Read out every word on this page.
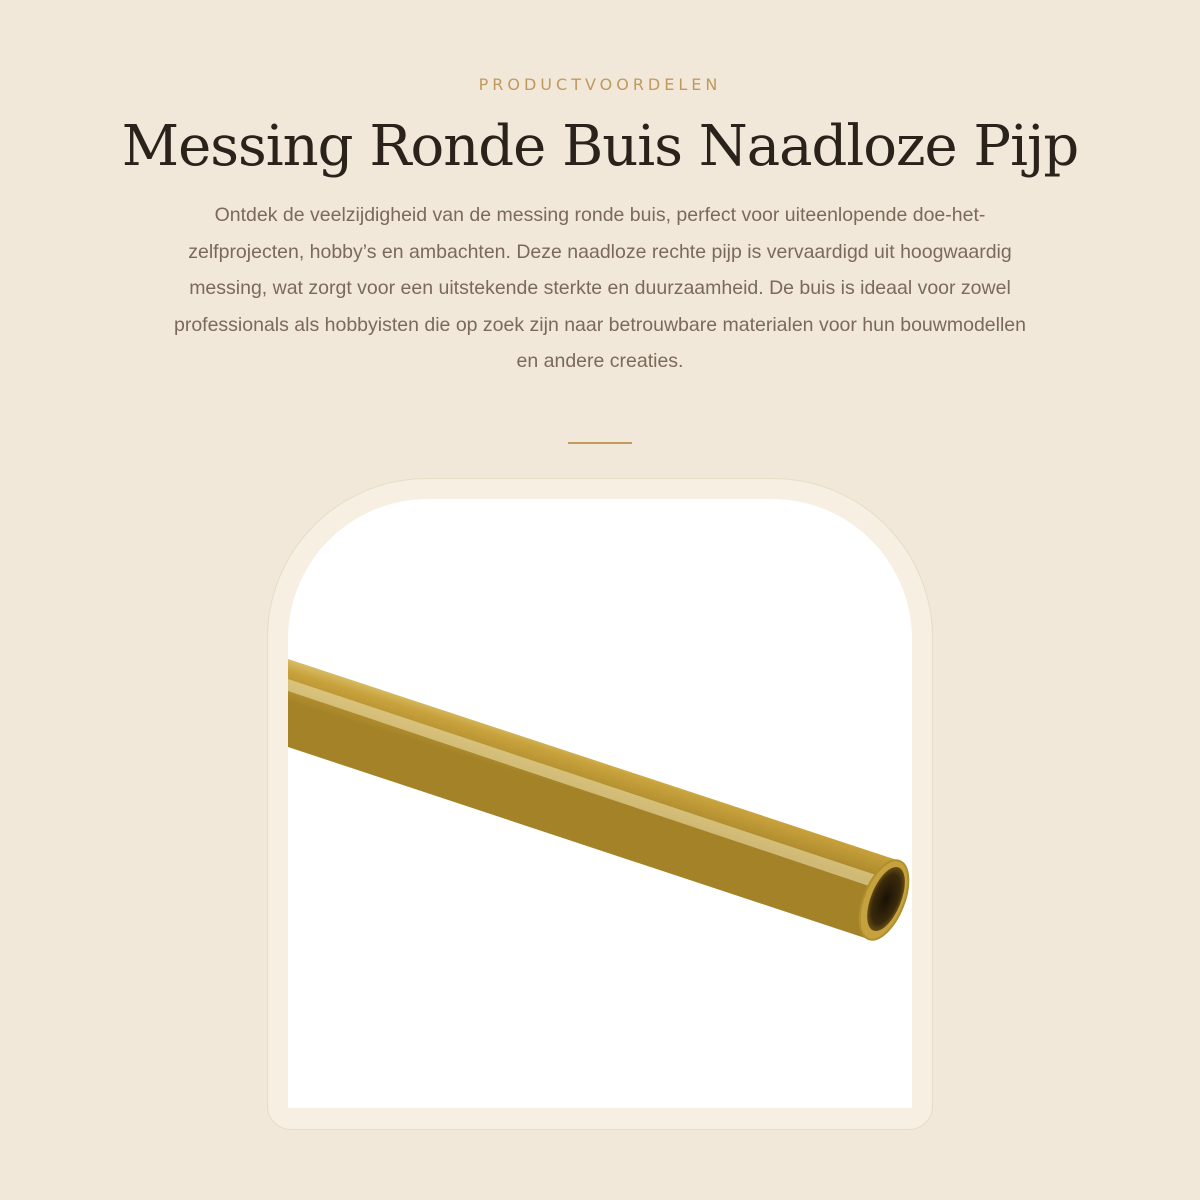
PRODUCTVOORDELEN

Messing Ronde Buis Naadloze Pijp

Ontdek de veelzijdigheid van de messing ronde buis, perfect voor uiteenlopende doe-het-zelfprojecten, hobby’s en ambachten. Deze naadloze rechte pijp is vervaardigd uit hoogwaardig messing, wat zorgt voor een uitstekende sterkte en duurzaamheid. De buis is ideaal voor zowel professionals als hobbyisten die op zoek zijn naar betrouwbare materialen voor hun bouwmodellen en andere creaties.
